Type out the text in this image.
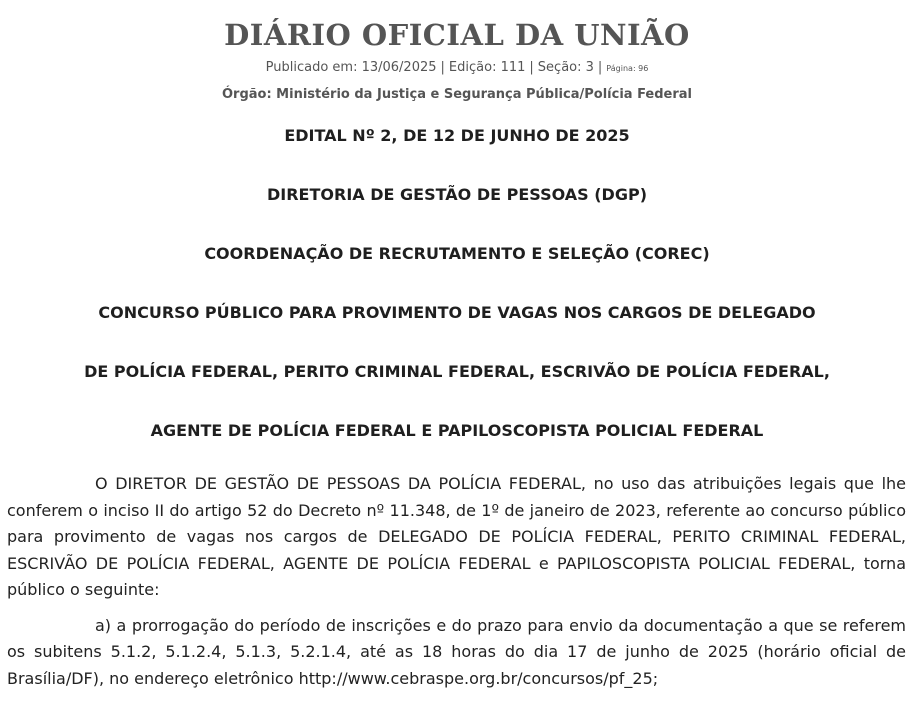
DIÁRIO OFICIAL DA UNIÃO
Publicado em: 13/06/2025 | Edição: 111 | Seção: 3 | Página: 96
Órgão: Ministério da Justiça e Segurança Pública/Polícia Federal
EDITAL Nº 2, DE 12 DE JUNHO DE 2025
DIRETORIA DE GESTÃO DE PESSOAS (DGP)
COORDENAÇÃO DE RECRUTAMENTO E SELEÇÃO (COREC)
CONCURSO PÚBLICO PARA PROVIMENTO DE VAGAS NOS CARGOS DE DELEGADO
DE POLÍCIA FEDERAL, PERITO CRIMINAL FEDERAL, ESCRIVÃO DE POLÍCIA FEDERAL,
AGENTE DE POLÍCIA FEDERAL E PAPILOSCOPISTA POLICIAL FEDERAL

O DIRETOR DE GESTÃO DE PESSOAS DA POLÍCIA FEDERAL, no uso das atribuições legais que lhe conferem o inciso II do artigo 52 do Decreto nº 11.348, de 1º de janeiro de 2023, referente ao concurso público para provimento de vagas nos cargos de DELEGADO DE POLÍCIA FEDERAL, PERITO CRIMINAL FEDERAL, ESCRIVÃO DE POLÍCIA FEDERAL, AGENTE DE POLÍCIA FEDERAL e PAPILOSCOPISTA POLICIAL FEDERAL, torna público o seguinte:

a) a prorrogação do período de inscrições e do prazo para envio da documentação a que se referem os subitens 5.1.2, 5.1.2.4, 5.1.3, 5.2.1.4, até as 18 horas do dia 17 de junho de 2025 (horário oficial de Brasília/DF), no endereço eletrônico http://www.cebraspe.org.br/concursos/pf_25;
